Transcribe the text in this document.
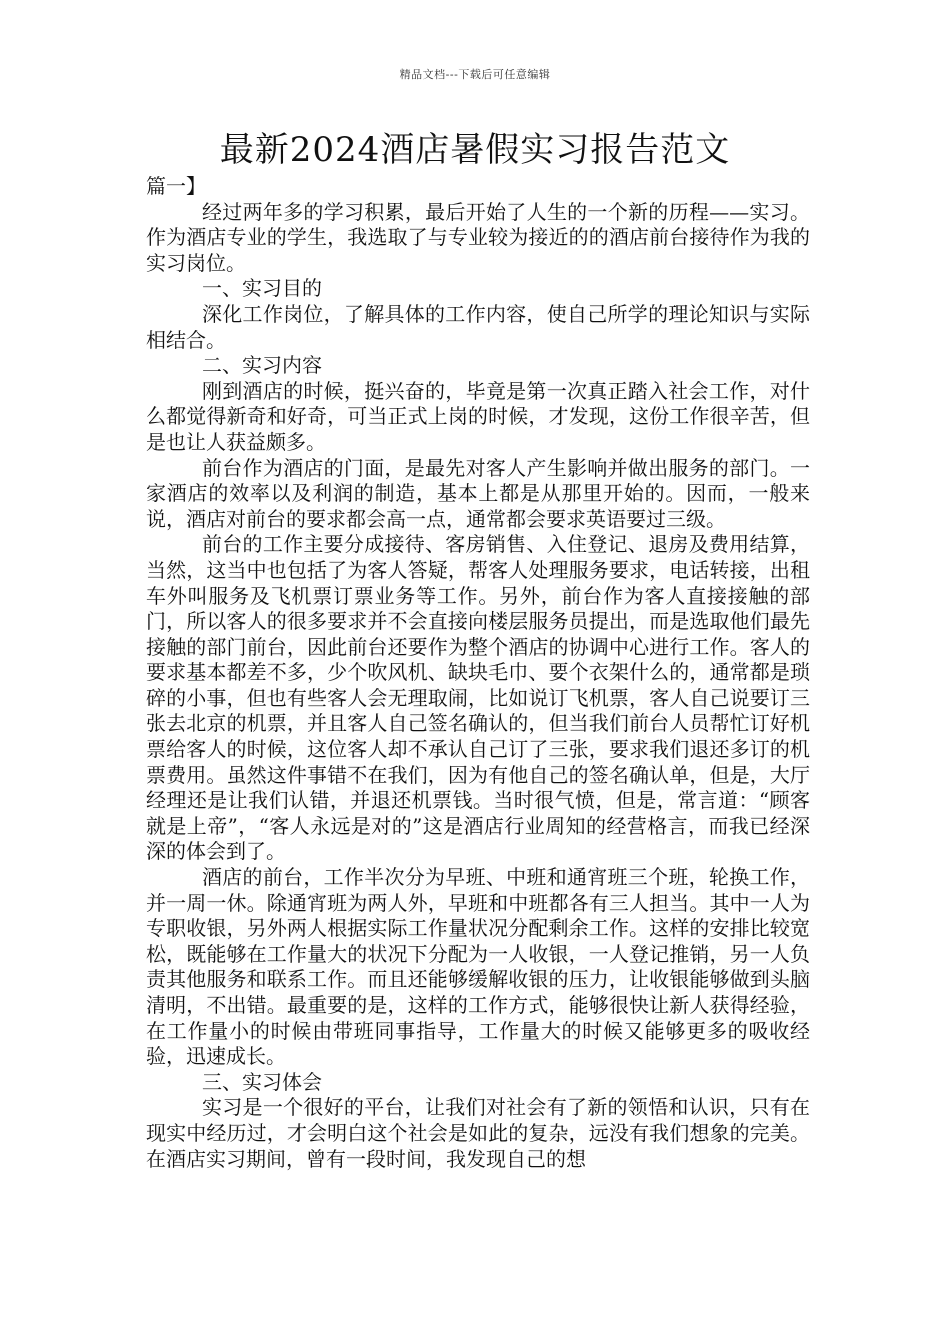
精品文档---下载后可任意编辑
最新2024酒店暑假实习报告范文

篇一】

经过两年多的学习积累，最后开始了人生的一个新的历程——实习。作为酒店专业的学生，我选取了与专业较为接近的的酒店前台接待作为我的实习岗位。

一、实习目的

深化工作岗位，了解具体的工作内容，使自己所学的理论知识与实际相结合。

二、实习内容

刚到酒店的时候，挺兴奋的，毕竟是第一次真正踏入社会工作，对什么都觉得新奇和好奇，可当正式上岗的时候，才发现，这份工作很辛苦，但是也让人获益颇多。

前台作为酒店的门面，是最先对客人产生影响并做出服务的部门。一家酒店的效率以及利润的制造，基本上都是从那里开始的。因而，一般来说，酒店对前台的要求都会高一点，通常都会要求英语要过三级。

前台的工作主要分成接待、客房销售、入住登记、退房及费用结算，当然，这当中也包括了为客人答疑，帮客人处理服务要求，电话转接，出租车外叫服务及飞机票订票业务等工作。另外，前台作为客人直接接触的部门，所以客人的很多要求并不会直接向楼层服务员提出，而是选取他们最先接触的部门前台，因此前台还要作为整个酒店的协调中心进行工作。客人的要求基本都差不多，少个吹风机、缺块毛巾、要个衣架什么的，通常都是琐碎的小事，但也有些客人会无理取闹，比如说订飞机票，客人自己说要订三张去北京的机票，并且客人自己签名确认的，但当我们前台人员帮忙订好机票给客人的时候，这位客人却不承认自己订了三张，要求我们退还多订的机票费用。虽然这件事错不在我们，因为有他自己的签名确认单，但是，大厅经理还是让我们认错，并退还机票钱。当时很气愤，但是，常言道：“顾客就是上帝”，“客人永远是对的”这是酒店行业周知的经营格言，而我已经深深的体会到了。

酒店的前台，工作半次分为早班、中班和通宵班三个班，轮换工作，并一周一休。除通宵班为两人外，早班和中班都各有三人担当。其中一人为专职收银，另外两人根据实际工作量状况分配剩余工作。这样的安排比较宽松，既能够在工作量大的状况下分配为一人收银，一人登记推销，另一人负责其他服务和联系工作。而且还能够缓解收银的压力，让收银能够做到头脑清明，不出错。最重要的是，这样的工作方式，能够很快让新人获得经验，在工作量小的时候由带班同事指导，工作量大的时候又能够更多的吸收经验，迅速成长。

三、实习体会

实习是一个很好的平台，让我们对社会有了新的领悟和认识，只有在现实中经历过，才会明白这个社会是如此的复杂，远没有我们想象的完美。在酒店实习期间，曾有一段时间，我发现自己的想
